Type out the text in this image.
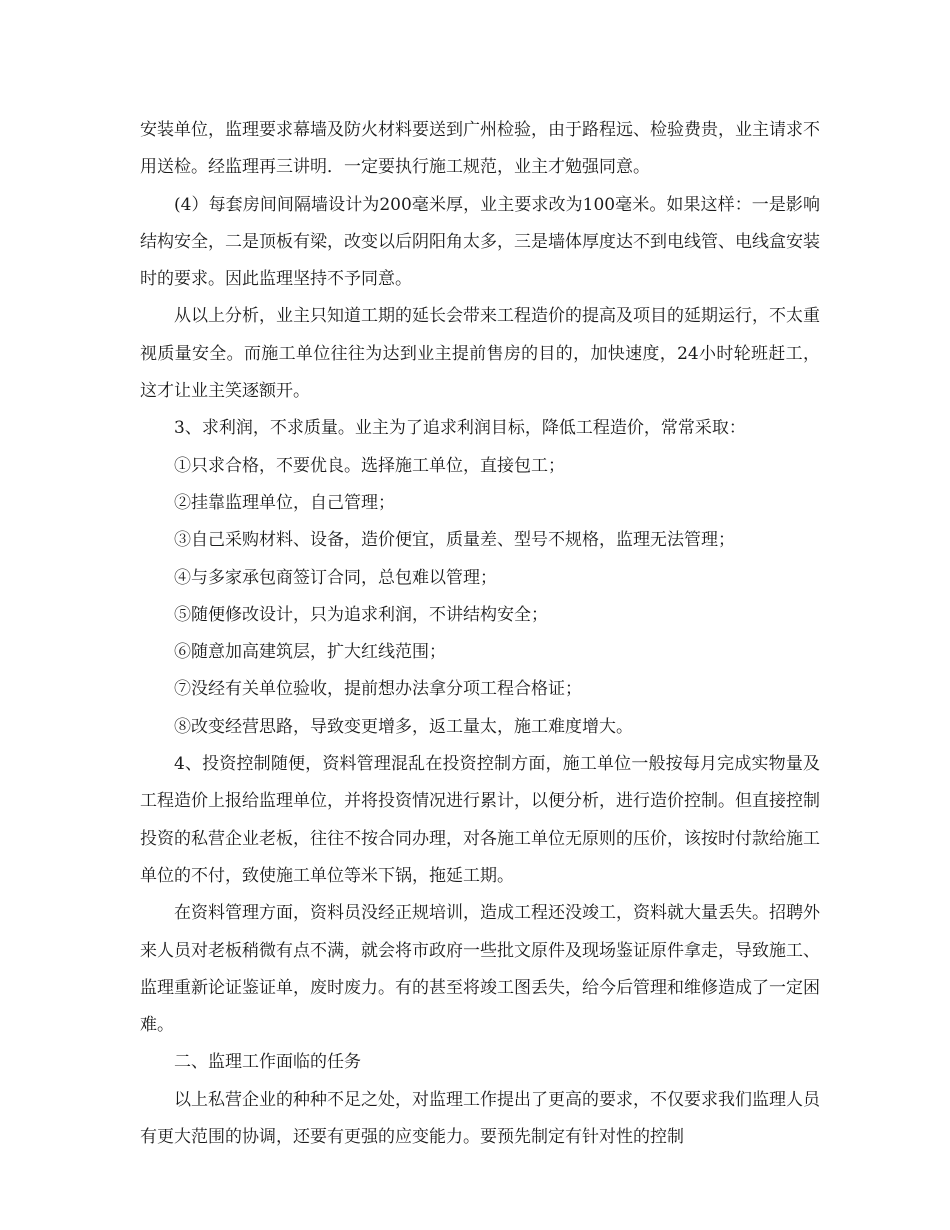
安装单位，监理要求幕墙及防火材料要送到广州检验，由于路程远、检验费贵，业主请求不用送检。经监理再三讲明．一定要执行施工规范，业主才勉强同意。

(4）每套房间间隔墙设计为200毫米厚，业主要求改为100毫米。如果这样：一是影响结构安全，二是顶板有梁，改变以后阴阳角太多，三是墙体厚度达不到电线管、电线盒安装时的要求。因此监理坚持不予同意。

从以上分析，业主只知道工期的延长会带来工程造价的提高及项目的延期运行，不太重视质量安全。而施工单位往往为达到业主提前售房的目的，加快速度，24小时轮班赶工，这才让业主笑逐额开。

3、求利润，不求质量。业主为了追求利润目标，降低工程造价，常常采取：

①只求合格，不要优良。选择施工单位，直接包工；

②挂靠监理单位，自己管理；

③自己采购材料、设备，造价便宜，质量差、型号不规格，监理无法管理；

④与多家承包商签订合同，总包难以管理；

⑤随便修改设计，只为追求利润，不讲结构安全；

⑥随意加高建筑层，扩大红线范围；

⑦没经有关单位验收，提前想办法拿分项工程合格证；

⑧改变经营思路，导致变更增多，返工量太，施工难度增大。

4、投资控制随便，资料管理混乱在投资控制方面，施工单位一般按每月完成实物量及工程造价上报给监理单位，并将投资情况进行累计，以便分析，进行造价控制。但直接控制投资的私营企业老板，往往不按合同办理，对各施工单位无原则的压价，该按时付款给施工单位的不付，致使施工单位等米下锅，拖延工期。

在资料管理方面，资料员没经正规培训，造成工程还没竣工，资料就大量丢失。招聘外来人员对老板稍微有点不满，就会将市政府一些批文原件及现场鉴证原件拿走，导致施工、监理重新论证鉴证单，废时废力。有的甚至将竣工图丢失，给今后管理和维修造成了一定困难。

二、监理工作面临的任务

以上私营企业的种种不足之处，对监理工作提出了更高的要求，不仅要求我们监理人员有更大范围的协调，还要有更强的应变能力。要预先制定有针对性的控制
